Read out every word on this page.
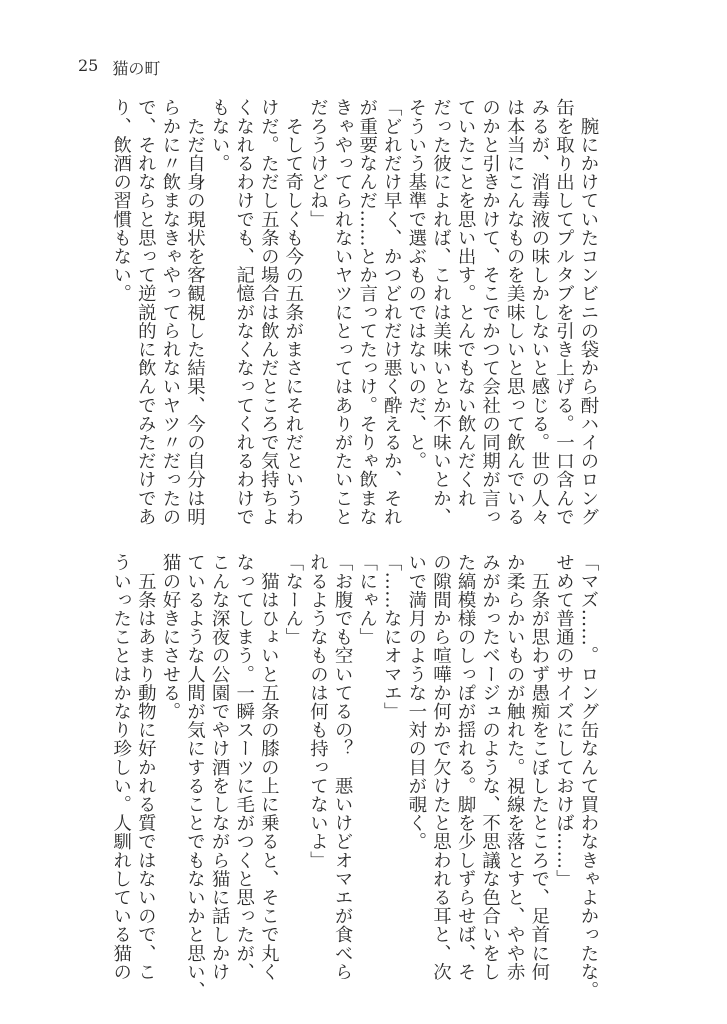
25 猫の町
　腕にかけていたコンビニの袋から酎ハイのロング
缶を取り出してプルタブを引き上げる。一口含んで
みるが、消毒液の味しかしないと感じる。世の人々
は本当にこんなものを美味しいと思って飲んでいる
のかと引きかけて、そこでかつて会社の同期が言っ
ていたことを思い出す。とんでもない飲んだくれ
だった彼によれば、これは美味いとか不味いとか、
そういう基準で選ぶものではないのだ、と。
「どれだけ早く、かつどれだけ悪く酔えるか、それ
が重要なんだ……とか言ってたっけ。そりゃ飲まな
きゃやってられないヤツにとってはありがたいこと
だろうけどね」
　そして奇しくも今の五条がまさにそれだというわ
けだ。ただし五条の場合は飲んだところで気持ちよ
くなれるわけでも、記憶がなくなってくれるわけで
もない。
　ただ自身の現状を客観視した結果、今の自分は明
らかに〃飲まなきゃやってられないヤツ〃だったの
で、それならと思って逆説的に飲んでみただけであ
り、飲酒の習慣もない。
「マズ……。ロング缶なんて買わなきゃよかったな。
せめて普通のサイズにしておけば……」
　五条が思わず愚痴をこぼしたところで、足首に何
か柔らかいものが触れた。視線を落とすと、やや赤
みがかったベージュのような、不思議な色合いをし
た縞模様のしっぽが揺れる。脚を少しずらせば、そ
の隙間から喧嘩か何かで欠けたと思われる耳と、次
いで満月のような一対の目が覗く。
「……なにオマエ」
「にゃん」
「お腹でも空いてるの？　悪いけどオマエが食べら
れるようなものは何も持ってないよ」
「なーん」
　猫はひょいと五条の膝の上に乗ると、そこで丸く
なってしまう。一瞬スーツに毛がつくと思ったが、
こんな深夜の公園でやけ酒をしながら猫に話しかけ
ているような人間が気にすることでもないかと思い、
猫の好きにさせる。
　五条はあまり動物に好かれる質ではないので、こ
ういったことはかなり珍しい。人馴れしている猫の
